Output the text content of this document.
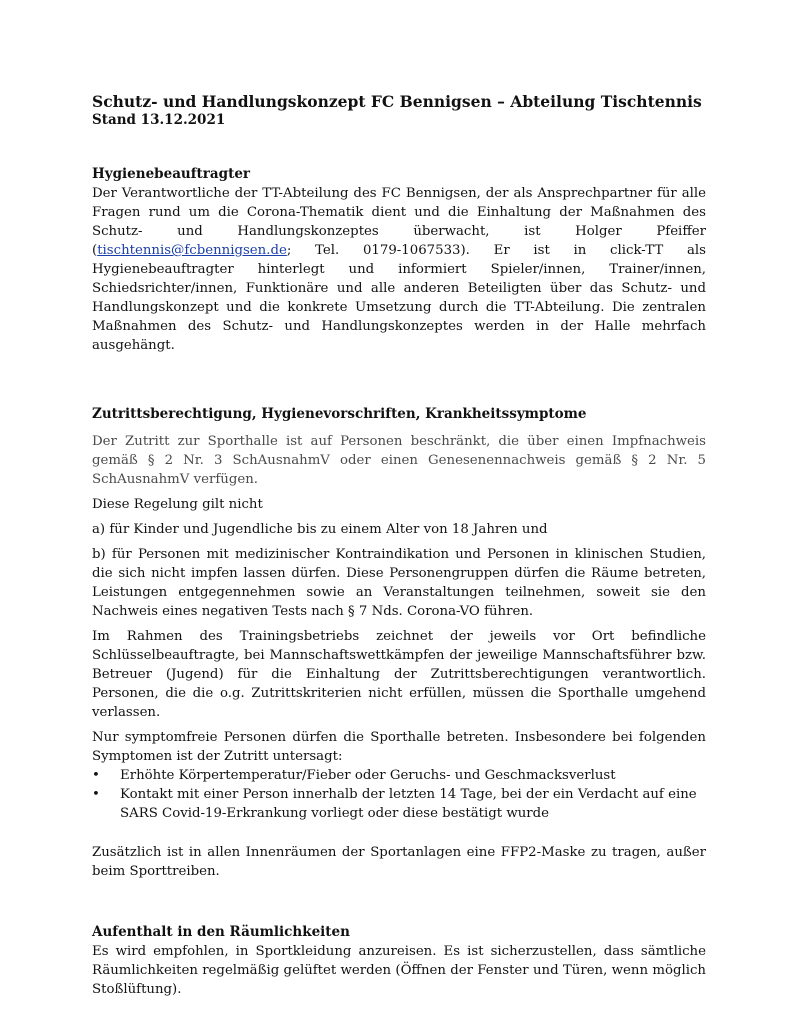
Schutz- und Handlungskonzept FC Bennigsen – Abteilung Tischtennis
Stand 13.12.2021
Hygienebeauftragter

Der Verantwortliche der TT-Abteilung des FC Bennigsen, der als Ansprechpartner für alle Fragen rund um die Corona-Thematik dient und die Einhaltung der Maßnahmen des Schutz- und Handlungskonzeptes überwacht, ist Holger Pfeiffer (tischtennis@fcbennigsen.de; Tel. 0179-1067533). Er ist in click-TT als Hygienebeauftragter hinterlegt und informiert Spieler/innen, Trainer/innen, Schiedsrichter/innen, Funktionäre und alle anderen Beteiligten über das Schutz- und Handlungskonzept und die konkrete Umsetzung durch die TT-Abteilung. Die zentralen Maßnahmen des Schutz- und Handlungskonzeptes werden in der Halle mehrfach ausgehängt.

Zutrittsberechtigung, Hygienevorschriften, Krankheitssymptome

Der Zutritt zur Sporthalle ist auf Personen beschränkt, die über einen Impfnachweis gemäß § 2 Nr. 3 SchAusnahmV oder einen Genesenennachweis gemäß § 2 Nr. 5 SchAusnahmV verfügen.

Diese Regelung gilt nicht

a) für Kinder und Jugendliche bis zu einem Alter von 18 Jahren und

b) für Personen mit medizinischer Kontraindikation und Personen in klinischen Studien, die sich nicht impfen lassen dürfen. Diese Personengruppen dürfen die Räume betreten, Leistungen entgegennehmen sowie an Veranstaltungen teilnehmen, soweit sie den Nachweis eines negativen Tests nach § 7 Nds. Corona-VO führen.

Im Rahmen des Trainingsbetriebs zeichnet der jeweils vor Ort befindliche Schlüsselbeauftragte, bei Mannschaftswettkämpfen der jeweilige Mannschaftsführer bzw. Betreuer (Jugend) für die Einhaltung der Zutrittsberechtigungen verantwortlich. Personen, die die o.g. Zutrittskriterien nicht erfüllen, müssen die Sporthalle umgehend verlassen.

Nur symptomfreie Personen dürfen die Sporthalle betreten. Insbesondere bei folgenden Symptomen ist der Zutritt untersagt:

• Erhöhte Körpertemperatur/Fieber oder Geruchs- und Geschmacksverlust
• Kontakt mit einer Person innerhalb der letzten 14 Tage, bei der ein Verdacht auf eine SARS Covid-19-Erkrankung vorliegt oder diese bestätigt wurde

Zusätzlich ist in allen Innenräumen der Sportanlagen eine FFP2-Maske zu tragen, außer beim Sporttreiben.

Aufenthalt in den Räumlichkeiten

Es wird empfohlen, in Sportkleidung anzureisen. Es ist sicherzustellen, dass sämtliche Räumlichkeiten regelmäßig gelüftet werden (Öffnen der Fenster und Türen, wenn möglich Stoßlüftung).
